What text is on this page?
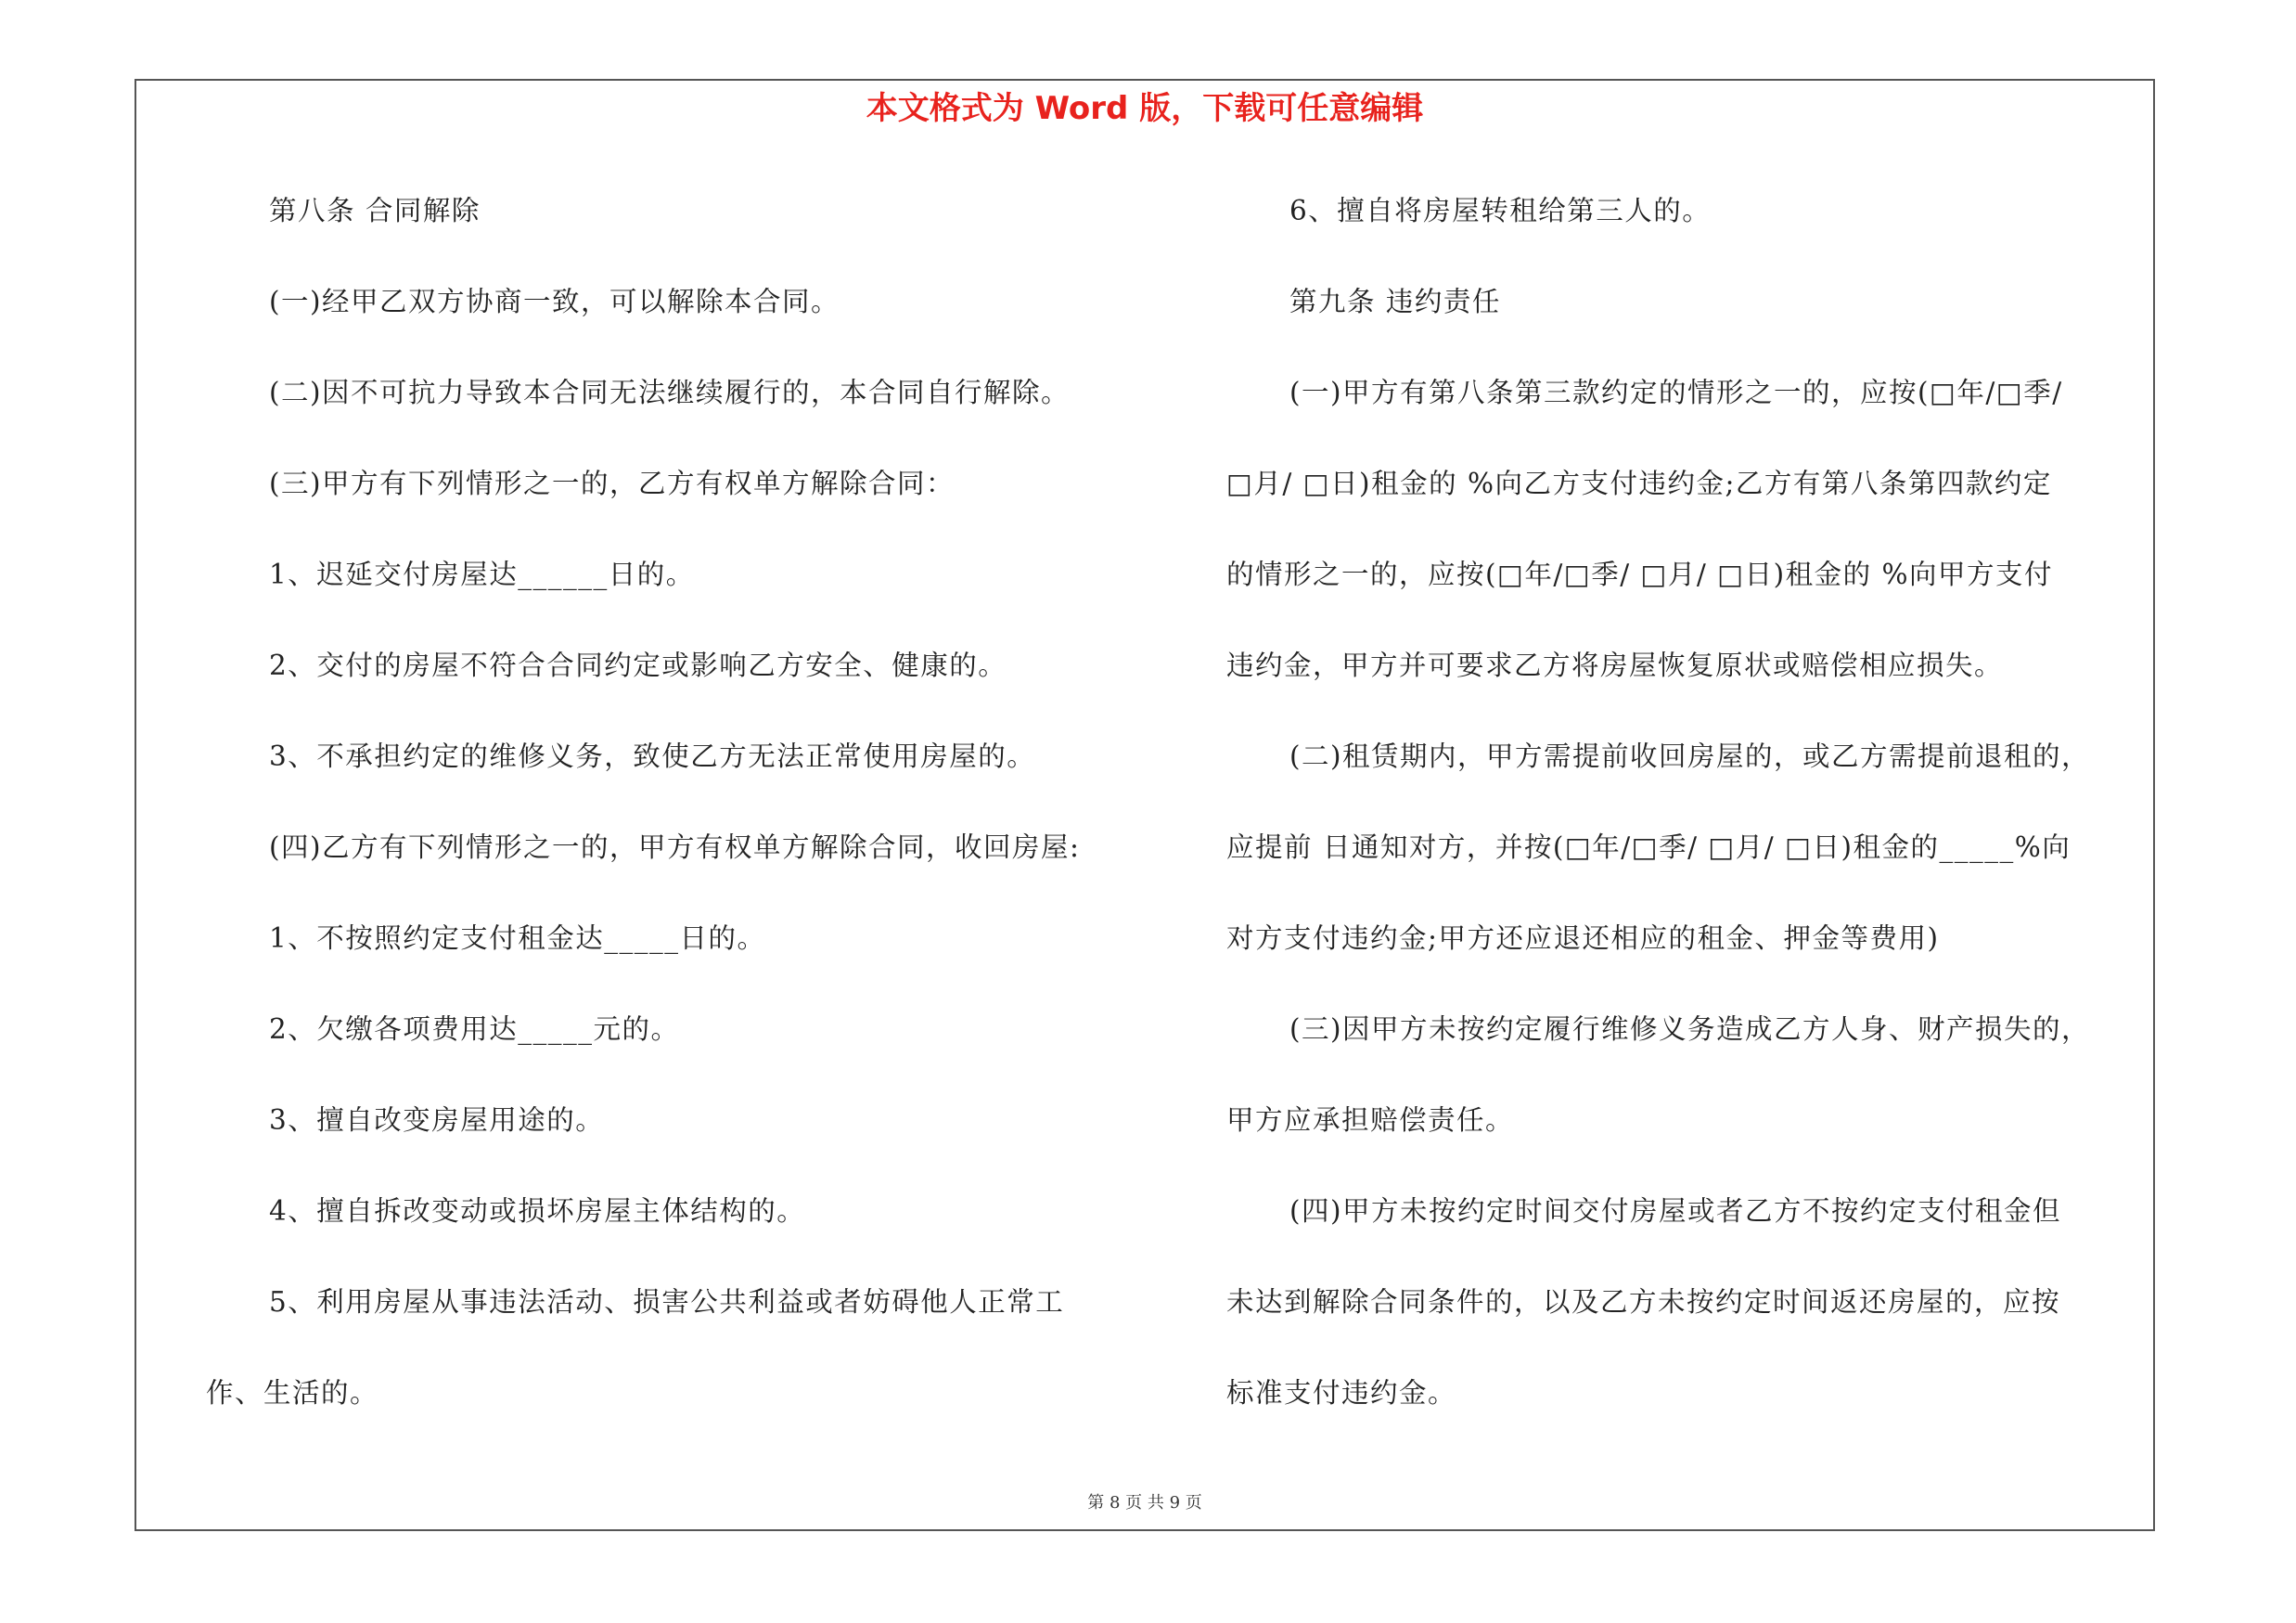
本文格式为 Word 版，下载可任意编辑
第八条 合同解除
(一)经甲乙双方协商一致，可以解除本合同。
(二)因不可抗力导致本合同无法继续履行的，本合同自行解除。
(三)甲方有下列情形之一的，乙方有权单方解除合同：
1、迟延交付房屋达______日的。
2、交付的房屋不符合合同约定或影响乙方安全、健康的。
3、不承担约定的维修义务，致使乙方无法正常使用房屋的。
(四)乙方有下列情形之一的，甲方有权单方解除合同，收回房屋:
1、不按照约定支付租金达_____日的。
2、欠缴各项费用达_____元的。
3、擅自改变房屋用途的。
4、擅自拆改变动或损坏房屋主体结构的。
5、利用房屋从事违法活动、损害公共利益或者妨碍他人正常工
作、生活的。
6、擅自将房屋转租给第三人的。
第九条 违约责任
(一)甲方有第八条第三款约定的情形之一的，应按(□年/□季/
□月/ □日)租金的 %向乙方支付违约金;乙方有第八条第四款约定
的情形之一的，应按(□年/□季/ □月/ □日)租金的 %向甲方支付
违约金，甲方并可要求乙方将房屋恢复原状或赔偿相应损失。
(二)租赁期内，甲方需提前收回房屋的，或乙方需提前退租的，
应提前 日通知对方，并按(□年/□季/ □月/ □日)租金的_____%向
对方支付违约金;甲方还应退还相应的租金、押金等费用)
(三)因甲方未按约定履行维修义务造成乙方人身、财产损失的，
甲方应承担赔偿责任。
(四)甲方未按约定时间交付房屋或者乙方不按约定支付租金但
未达到解除合同条件的，以及乙方未按约定时间返还房屋的，应按
标准支付违约金。

第 8 页 共 9 页
